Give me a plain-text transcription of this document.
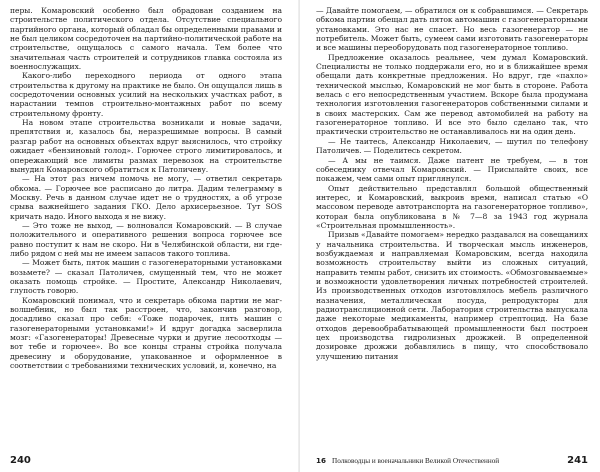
перы. Комаровский особенно был обрадован созданием на строительстве политического отдела. Отсутствие специального партийного органа, который обладал бы определенными правами и не был целиком сосредоточен на партийно-политической работе на строительстве, ощущалось с самого начала. Тем более что значительная часть строителей и сотрудников главка состояла из военнослужащих.

Какого-либо переходного периода от одного этапа строительства к другому на практике не было. Он ощущался лишь в сосредоточении основных усилий на нескольких участках работ, в нарастании темпов строительно-монтажных работ по всему строительному фронту.

На новом этапе строительства возникали и новые задачи, препятствия и, казалось бы, неразрешимые вопросы. В самый разгар работ на основных объектах вдруг выяснилось, что стройку ожидает «бензиновый голод». Горючее строго лимитировалось, и опережающий все лимиты размах перевозок на строительстве вынудил Комаровского обратиться к Патоличеву.

— На этот раз ничем помочь не могу, — ответил секретарь обкома. — Горючее все расписано до литра. Дадим телеграмму в Москву. Речь в данном случае идет не о трудностях, а об угрозе срыва важнейшего задания ГКО. Дело архисерьезное. Тут SOS кричать надо. Иного выхода я не вижу.

— Это тоже не выход, — волновался Комаровский. — В случае положительного и оперативного решения вопроса горючее все равно поступит к нам не скоро. Ни в Челябинской области, ни где-либо рядом с ней мы не имеем запасов такого топлива.

— Может быть, пяток машин с газогенераторными установками возьмете? — сказал Патоличев, смущенный тем, что не может оказать помощь стройке. — Простите, Александр Николаевич, глупость говорю.

Комаровский понимал, что и секретарь обкома партии не маг-волшебник, но был так расстроен, что, закончив разговор, досадливо сказал про себя: «Тоже подарочек, пять машин с газогенераторными установками!» И вдруг догадка засверлила мозг: «Газогенераторы! Древесные чурки и другие лесоотходы — вот тебе и горючее». Во все концы страны стройка получала древесину и оборудование, упакованное и оформленное в соответствии с требованиями технических условий, и, конечно, на

240

— Давайте помогаем, — обратился он к собравшимся. — Секретарь обкома партии обещал дать пяток автомашин с газогенераторными установками. Это нас не спасет. Но весь газогенератор — не потребитель. Может быть, сумеем сами изготовить газогенераторы и все машины переоборудовать под газогенераторное топливо.

Предложение оказалось реальнее, чем думал Комаровский. Специалисты не только поддержали его, но и в ближайшее время обещали дать конкретные предложения. Но вдруг, где «пахло» технической мыслью, Комаровский не мог быть в стороне. Работа велась с его непосредственным участием. Вскоре была продумана технология изготовления газогенераторов собственными силами и в своих мастерских. Сам же перевод автомобилей на работу на газогенераторное топливо. И все это было сделано так, что практически строительство не останавливалось ни на один день.

— Не таитесь, Александр Николаевич, — шутил по телефону Патоличев. — Поделитесь секретом.

— А мы не таимся. Даже патент не требуем, — в тон собеседнику отвечал Комаровский. — Присылайте своих, все покажем, чем сами опыт приглянулся.

Опыт действительно представлял большой общественный интерес, и Комаровский, выкроив время, написал статью «О массовом переводе автотранспорта на газогенераторное топливо», которая была опубликована в № 7—8 за 1943 год журнала «Строительная промышленность».

Призыв «Давайте помогаем» нередко раздавался на совещаниях у начальника строительства. И творческая мысль инженеров, возбуждаемая и направляемая Комаровским, всегда находила возможность строительству выйти из сложных ситуаций, направить темпы работ, снизить их стоимость. «Обмозговываемые» и возможности удовлетворения личных потребностей строителей. Из производственных отходов изготовлялось мебель различного назначения, металлическая посуда, репродукторы для радиотрансляционной сети. Лаборатория строительства выпускала даже некоторые медикаменты, например стрептоцид. На базе отходов деревообрабатывающей промышленности был построен цех производства гидролизных дрожжей. В определенной дозировке дрожжи добавлялись в пищу, что способствовало улучшению питания

16 Полководцы и военачальники Великой Отечественной	241
